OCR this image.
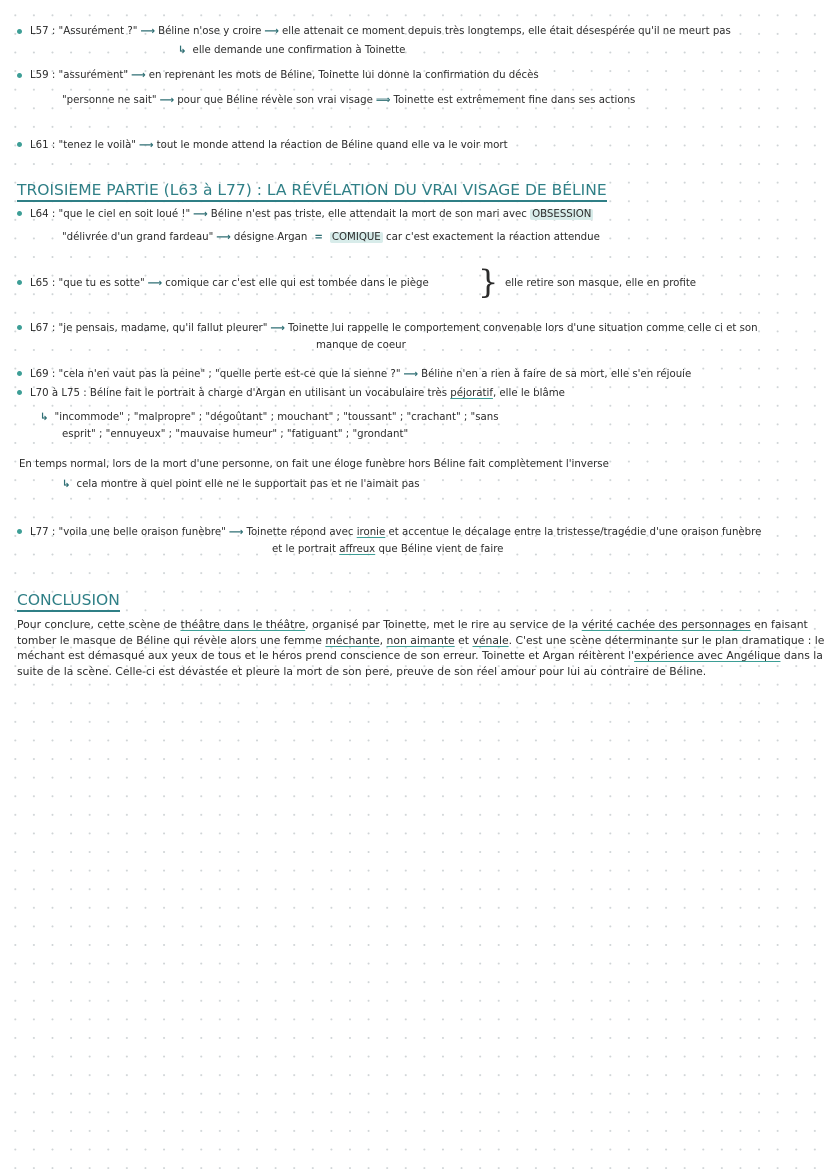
L57 : "Assurément ?" ⟶ Béline n'ose y croire ⟶ elle attenait ce moment depuis très longtemps, elle était désespérée qu'il ne meurt pas
↳ elle demande une confirmation à Toinette
L59 : "assurément" ⟶ en reprenant les mots de Béline, Toinette lui donne la confirmation du décès
"personne ne sait" ⟶ pour que Béline révèle son vrai visage ⟹ Toinette est extrêmement fine dans ses actions
L61 : "tenez le voilà" ⟶ tout le monde attend la réaction de Béline quand elle va le voir mort
TROISIEME PARTIE (L63 à L77) : LA RÉVÉLATION DU VRAI VISAGE DE BÉLINE
L64 : "que le ciel en soit loué !" ⟶ Béline n'est pas triste, elle attendait la mort de son mari avec OBSESSION
"délivrée d'un grand fardeau" ⟶ désigne Argan = COMIQUE car c'est exactement la réaction attendue
L65 : "que tu es sotte" ⟶ comique car c'est elle qui est tombée dans le piège } elle retire son masque, elle en profite
L67 : "je pensais, madame, qu'il fallut pleurer" ⟶ Toinette lui rappelle le comportement convenable lors d'une situation comme celle ci et son
manque de coeur
L69 : "cela n'en vaut pas la peine" ; "quelle perte est-ce que la sienne ?" ⟶ Béline n'en a rien à faire de sa mort, elle s'en réjouie
L70 à L75 : Béline fait le portrait à charge d'Argan en utilisant un vocabulaire très péjoratif, elle le blâme
↳ "incommode" ; "malpropre" ; "dégoûtant" ; mouchant" ; "toussant" ; "crachant" ; "sans
esprit" ; "ennuyeux" ; "mauvaise humeur" ; "fatiguant" ; "grondant"
En temps normal, lors de la mort d'une personne, on fait une éloge funèbre hors Béline fait complètement l'inverse
↳ cela montre à quel point elle ne le supportait pas et ne l'aimait pas
L77 : "voila une belle oraison funèbre" ⟶ Toinette répond avec ironie et accentue le décalage entre la tristesse/tragédie d'une oraison funèbre
et le portrait affreux que Béline vient de faire
CONCLUSION
Pour conclure, cette scène de théâtre dans le théâtre, organisé par Toinette, met le rire au service de la vérité cachée des personnages en faisant tomber le masque de Béline qui révèle alors une femme méchante, non aimante et vénale. C'est une scène déterminante sur le plan dramatique : le méchant est démasqué aux yeux de tous et le héros prend conscience de son erreur. Toinette et Argan réitèrent l'expérience avec Angélique dans la suite de la scène. Celle-ci est dévastée et pleure la mort de son pere, preuve de son réel amour pour lui au contraire de Béline.
